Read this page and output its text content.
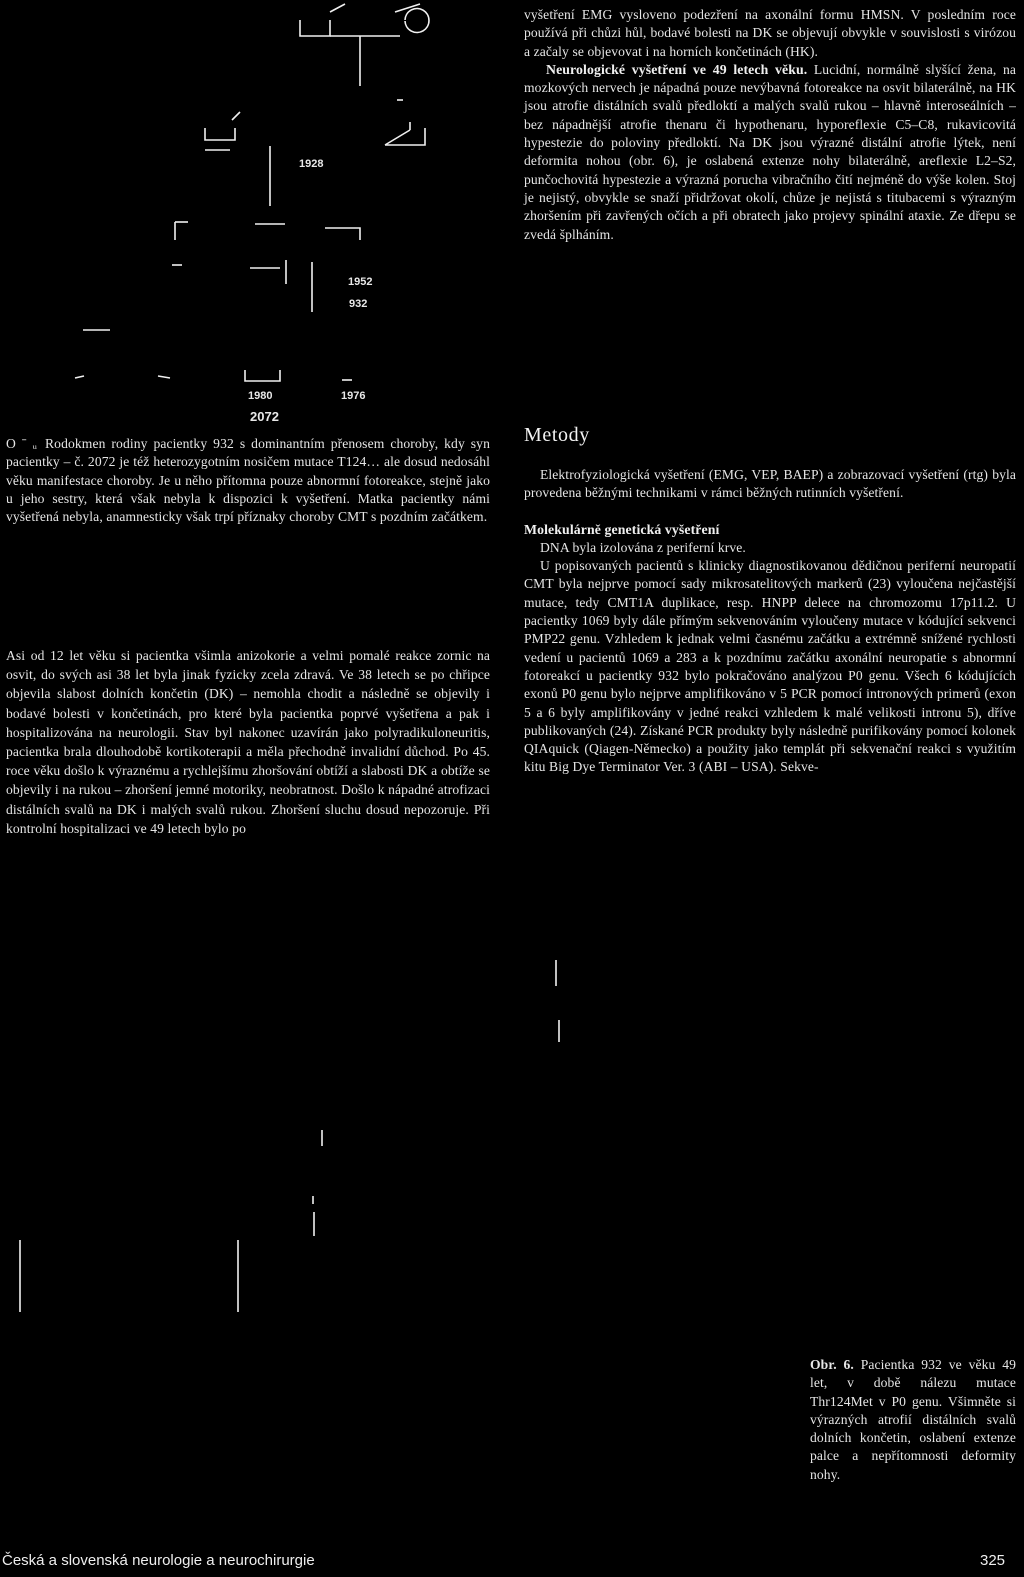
1928
1952
932
1980	1976
2072
O ˉ ᵤ Rodokmen rodiny pacientky 932 s dominantním přenosem choroby, kdy syn pacientky – č. 2072 je též heterozygotním nosičem mutace T124… ale dosud nedosáhl věku manifestace choroby. Je u něho přítomna pouze abnormní fotoreakce, stejně jako u jeho sestry, která však nebyla k dispozici k vyšetření. Matka pacientky námi vyšetřená nebyla, anamnesticky však trpí příznaky choroby CMT s pozdním začátkem.
Asi od 12 let věku si pacientka všimla anizokorie a velmi pomalé reakce zornic na osvit, do svých asi 38 let byla jinak fyzicky zcela zdravá. Ve 38 letech se po chřipce objevila slabost dolních končetin (DK) – nemohla chodit a následně se objevily i bodavé bolesti v končetinách, pro které byla pacientka poprvé vyšetřena a pak i hospitalizována na neurologii. Stav byl nakonec uzavírán jako polyradikuloneuritis, pacientka brala dlouhodobě kortikoterapii a měla přechodně invalidní důchod. Po 45. roce věku došlo k výraznému a rychlejšímu zhoršování obtíží a slabosti DK a obtíže se objevily i na rukou – zhoršení jemné motoriky, neobratnost. Došlo k nápadné atrofizaci distálních svalů na DK i malých svalů rukou. Zhoršení sluchu dosud nepozoruje. Při kontrolní hospitalizaci ve 49 letech bylo po

vyšetření EMG vysloveno podezření na axonální formu HMSN. V posledním roce používá při chůzi hůl, bodavé bolesti na DK se objevují obvykle v souvislosti s virózou a začaly se objevovat i na horních končetinách (HK).

Neurologické vyšetření ve 49 letech věku. Lucidní, normálně slyšící žena, na mozkových nervech je nápadná pouze nevýbavná fotoreakce na osvit bilaterálně, na HK jsou atrofie distálních svalů předloktí a malých svalů rukou – hlavně interoseálních – bez nápadnější atrofie thenaru či hypothenaru, hyporeflexie C5–C8, rukavicovitá hypestezie do poloviny předloktí. Na DK jsou výrazné distální atrofie lýtek, není deformita nohou (obr. 6), je oslabená extenze nohy bilaterálně, areflexie L2–S2, punčochovitá hypestezie a výrazná porucha vibračního čití nejméně do výše kolen. Stoj je nejistý, obvykle se snaží přidržovat okolí, chůze je nejistá s titubacemi s výrazným zhoršením při zavřených očích a při obratech jako projevy spinální ataxie. Ze dřepu se zvedá šplháním.

Metody

Elektrofyziologická vyšetření (EMG, VEP, BAEP) a zobrazovací vyšetření (rtg) byla provedena běžnými technikami v rámci běžných rutinních vyšetření.

Molekulárně genetická vyšetření

DNA byla izolována z periferní krve.

U popisovaných pacientů s klinicky diagnostikovanou dědičnou periferní neuropatií CMT byla nejprve pomocí sady mikrosatelitových markerů (23) vyloučena nejčastější mutace, tedy CMT1A duplikace, resp. HNPP delece na chromozomu 17p11.2. U pacientky 1069 byly dále přímým sekvenováním vyloučeny mutace v kódující sekvenci PMP22 genu. Vzhledem k jednak velmi časnému začátku a extrémně snížené rychlosti vedení u pacientů 1069 a 283 a k pozdnímu začátku axonální neuropatie s abnormní fotoreakcí u pacientky 932 bylo pokračováno analýzou P0 genu. Všech 6 kódujících exonů P0 genu bylo nejprve amplifikováno v 5 PCR pomocí intronových primerů (exon 5 a 6 byly amplifikovány v jedné reakci vzhledem k malé velikosti intronu 5), dříve publikovaných (24). Získané PCR produkty byly následně purifikovány pomocí kolonek QIAquick (Qiagen-Německo) a použity jako templát při sekvenační reakci s využitím kitu Big Dye Terminator Ver. 3 (ABI – USA). Sekve-

Obr. 6. Pacientka 932 ve věku 49 let, v době nálezu mutace Thr124Met v P0 genu. Všimněte si výrazných atrofií distálních svalů dolních končetin, oslabení extenze palce a nepřítomnosti deformity nohy.
Česká a slovenská neurologie a neurochirurgie	325
